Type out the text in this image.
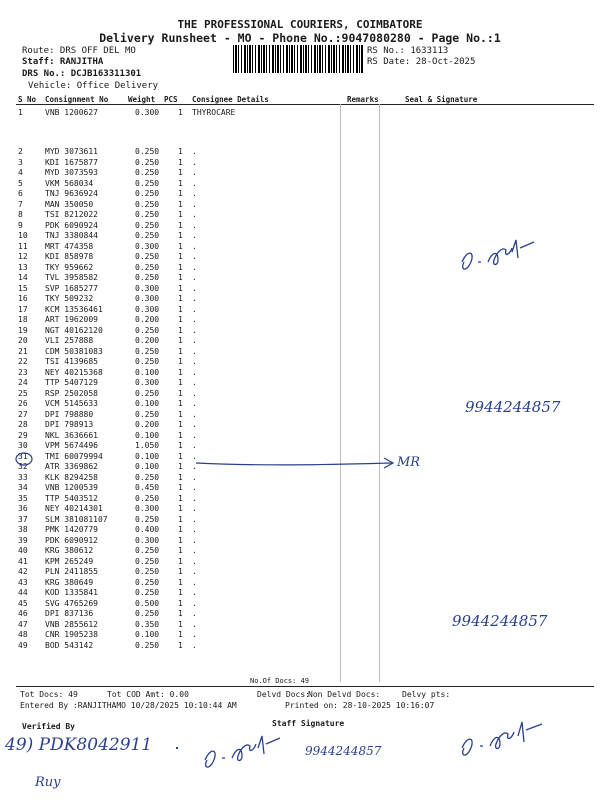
THE PROFESSIONAL COURIERS, COIMBATORE
Delivery Runsheet - MO - Phone No.:9047080280 - Page No.:1
Route: DRS OFF DEL MO
Staff: RANJITHA
DRS No.: DCJB163311301
Vehicle: Office Delivery
RS No.: 1633113
RS Date: 28-Oct-2025
S No Consignment No	Weight PCS Consignee Details	Remarks	Seal & Signature
1	VNB 1200627	0.300 1 THYROCARE
2	MYD 3073611	0.250 1 .
3	KDI 1675877	0.250 1 .
4	MYD 3073593	0.250 1 .
5	VKM 568034	0.250 1 .
6	TNJ 9636924	0.250 1 .
7	MAN 350050	0.250 1 .
8	TSI 8212022	0.250 1 .
9	PDK 6090924	0.250 1 .
10 TNJ 3380844	0.250 1 .
11 MRT 474358	0.300 1 .
12 KDI 858978	0.250 1 .
13 TKY 959662	0.250 1 .
14 TVL 3958582	0.250 1 .
15 SVP 1685277	0.300 1 .
16 TKY 509232	0.300 1 .
17 KCM 13536461	0.300 1 .
18 ART 1962009	0.200 1 .
19 NGT 40162120	0.250 1 .
20 VLI 257888	0.200 1 .
21 CDM 50381083	0.250 1 .
22 TSI 4139685	0.250 1 .
23 NEY 40215368	0.100 1 .
24 TTP 5407129	0.300 1 .
25 RSP 2502058	0.250 1 .
26 VCM 5145633	0.100 1 .
27 DPI 798880	0.250 1 .
28 DPI 798913	0.200 1 .
29 NKL 3636661	0.100 1 .
30 VPM 5674496	1.050 1 .
31 TMI 60079994	0.100 1 .
32 ATR 3369862	0.100 1 .
33 KLK 8294258	0.250 1 .
34 VNB 1200539	0.450 1 .
35 TTP 5403512	0.250 1 .
36 NEY 40214301	0.300 1 .
37 SLM 381081107	0.250 1 .
38 PMK 1420779	0.400 1 .
39 PDK 6090912	0.300 1 .
40 KRG 380612	0.250 1 .
41 KPM 265249	0.250 1 .
42 PLN 2411855	0.250 1 .
43 KRG 380649	0.250 1 .
44 KOD 1335841	0.250 1 .
45 SVG 4765269	0.500 1 .
46 DPI 837136	0.250 1 .
47 VNB 2855612	0.350 1 .
48 CNR 1905238	0.100 1 .
49 BOD 543142	0.250 1 .
No.Of Docs: 49
Tot Docs: 49	Tot COD Amt: 0.00	Delvd Docs:
Non Delvd Docs:	Delvy pts:
Entered By :RANJITHAMO 10/28/2025 10:10:44 AM	Printed on: 28-10-2025 10:16:07
Verified By	Staff Signature
9944244857
9944244857
MR
49) PDK8042911	9944244857
Ruy
